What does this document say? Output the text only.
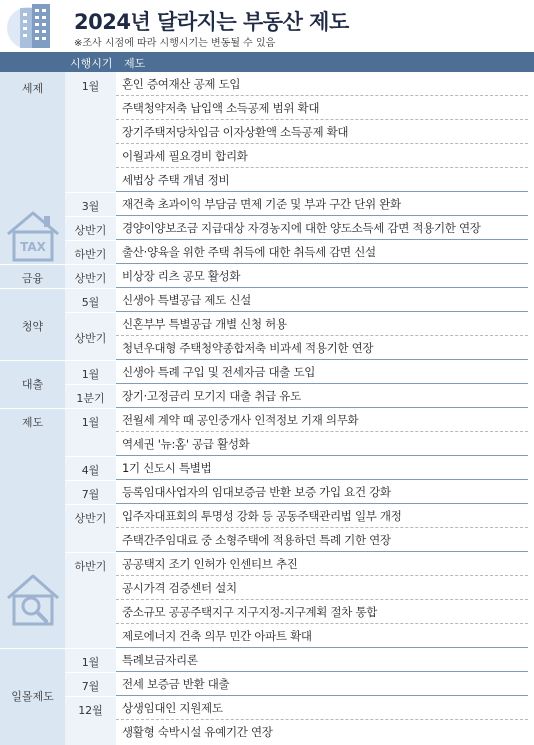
2024년 달라지는 부동산 제도
※조사 시점에 따라 시행시기는 변동될 수 있음
시행시기 제도
TAX
세제
금융
청약
대출
제도
일몰제도
1월
3월
상반기
하반기
상반기
5월
상반기
1월
1분기
1월
4월
7월
상반기
하반기
1월
7월
12월
혼인 증여재산 공제 도입
주택청약저축 납입액 소득공제 범위 확대
장기주택저당차입금 이자상환액 소득공제 확대
이월과세 필요경비 합리화
세법상 주택 개념 정비
재건축 초과이익 부담금 면제 기준 및 부과 구간 단위 완화
경양이양보조금 지급대상 자경농지에 대한 양도소득세 감면 적용기한 연장
출산·양육을 위한 주택 취득에 대한 취득세 감면 신설
비상장 리츠 공모 활성화
신생아 특별공급 제도 신설
신혼부부 특별공급 개별 신청 허용
청년우대형 주택청약종합저축 비과세 적용기한 연장
신생아 특례 구입 및 전세자금 대출 도입
장기·고정금리 모기지 대출 취급 유도
전월세 계약 때 공인중개사 인적정보 기재 의무화
역세권 '뉴:홈' 공급 활성화
1기 신도시 특별법
등록임대사업자의 임대보증금 반환 보증 가입 요건 강화
입주자대표회의 투명성 강화 등 공동주택관리법 일부 개정
주택간주임대료 중 소형주택에 적용하던 특례 기한 연장
공공택지 조기 인허가 인센티브 추진
공시가격 검증센터 설치
중소규모 공공주택지구 지구지정-지구계획 절차 통합
제로에너지 건축 의무 민간 아파트 확대
특례보금자리론
전세 보증금 반환 대출
상생임대인 지원제도
생활형 숙박시설 유예기간 연장
